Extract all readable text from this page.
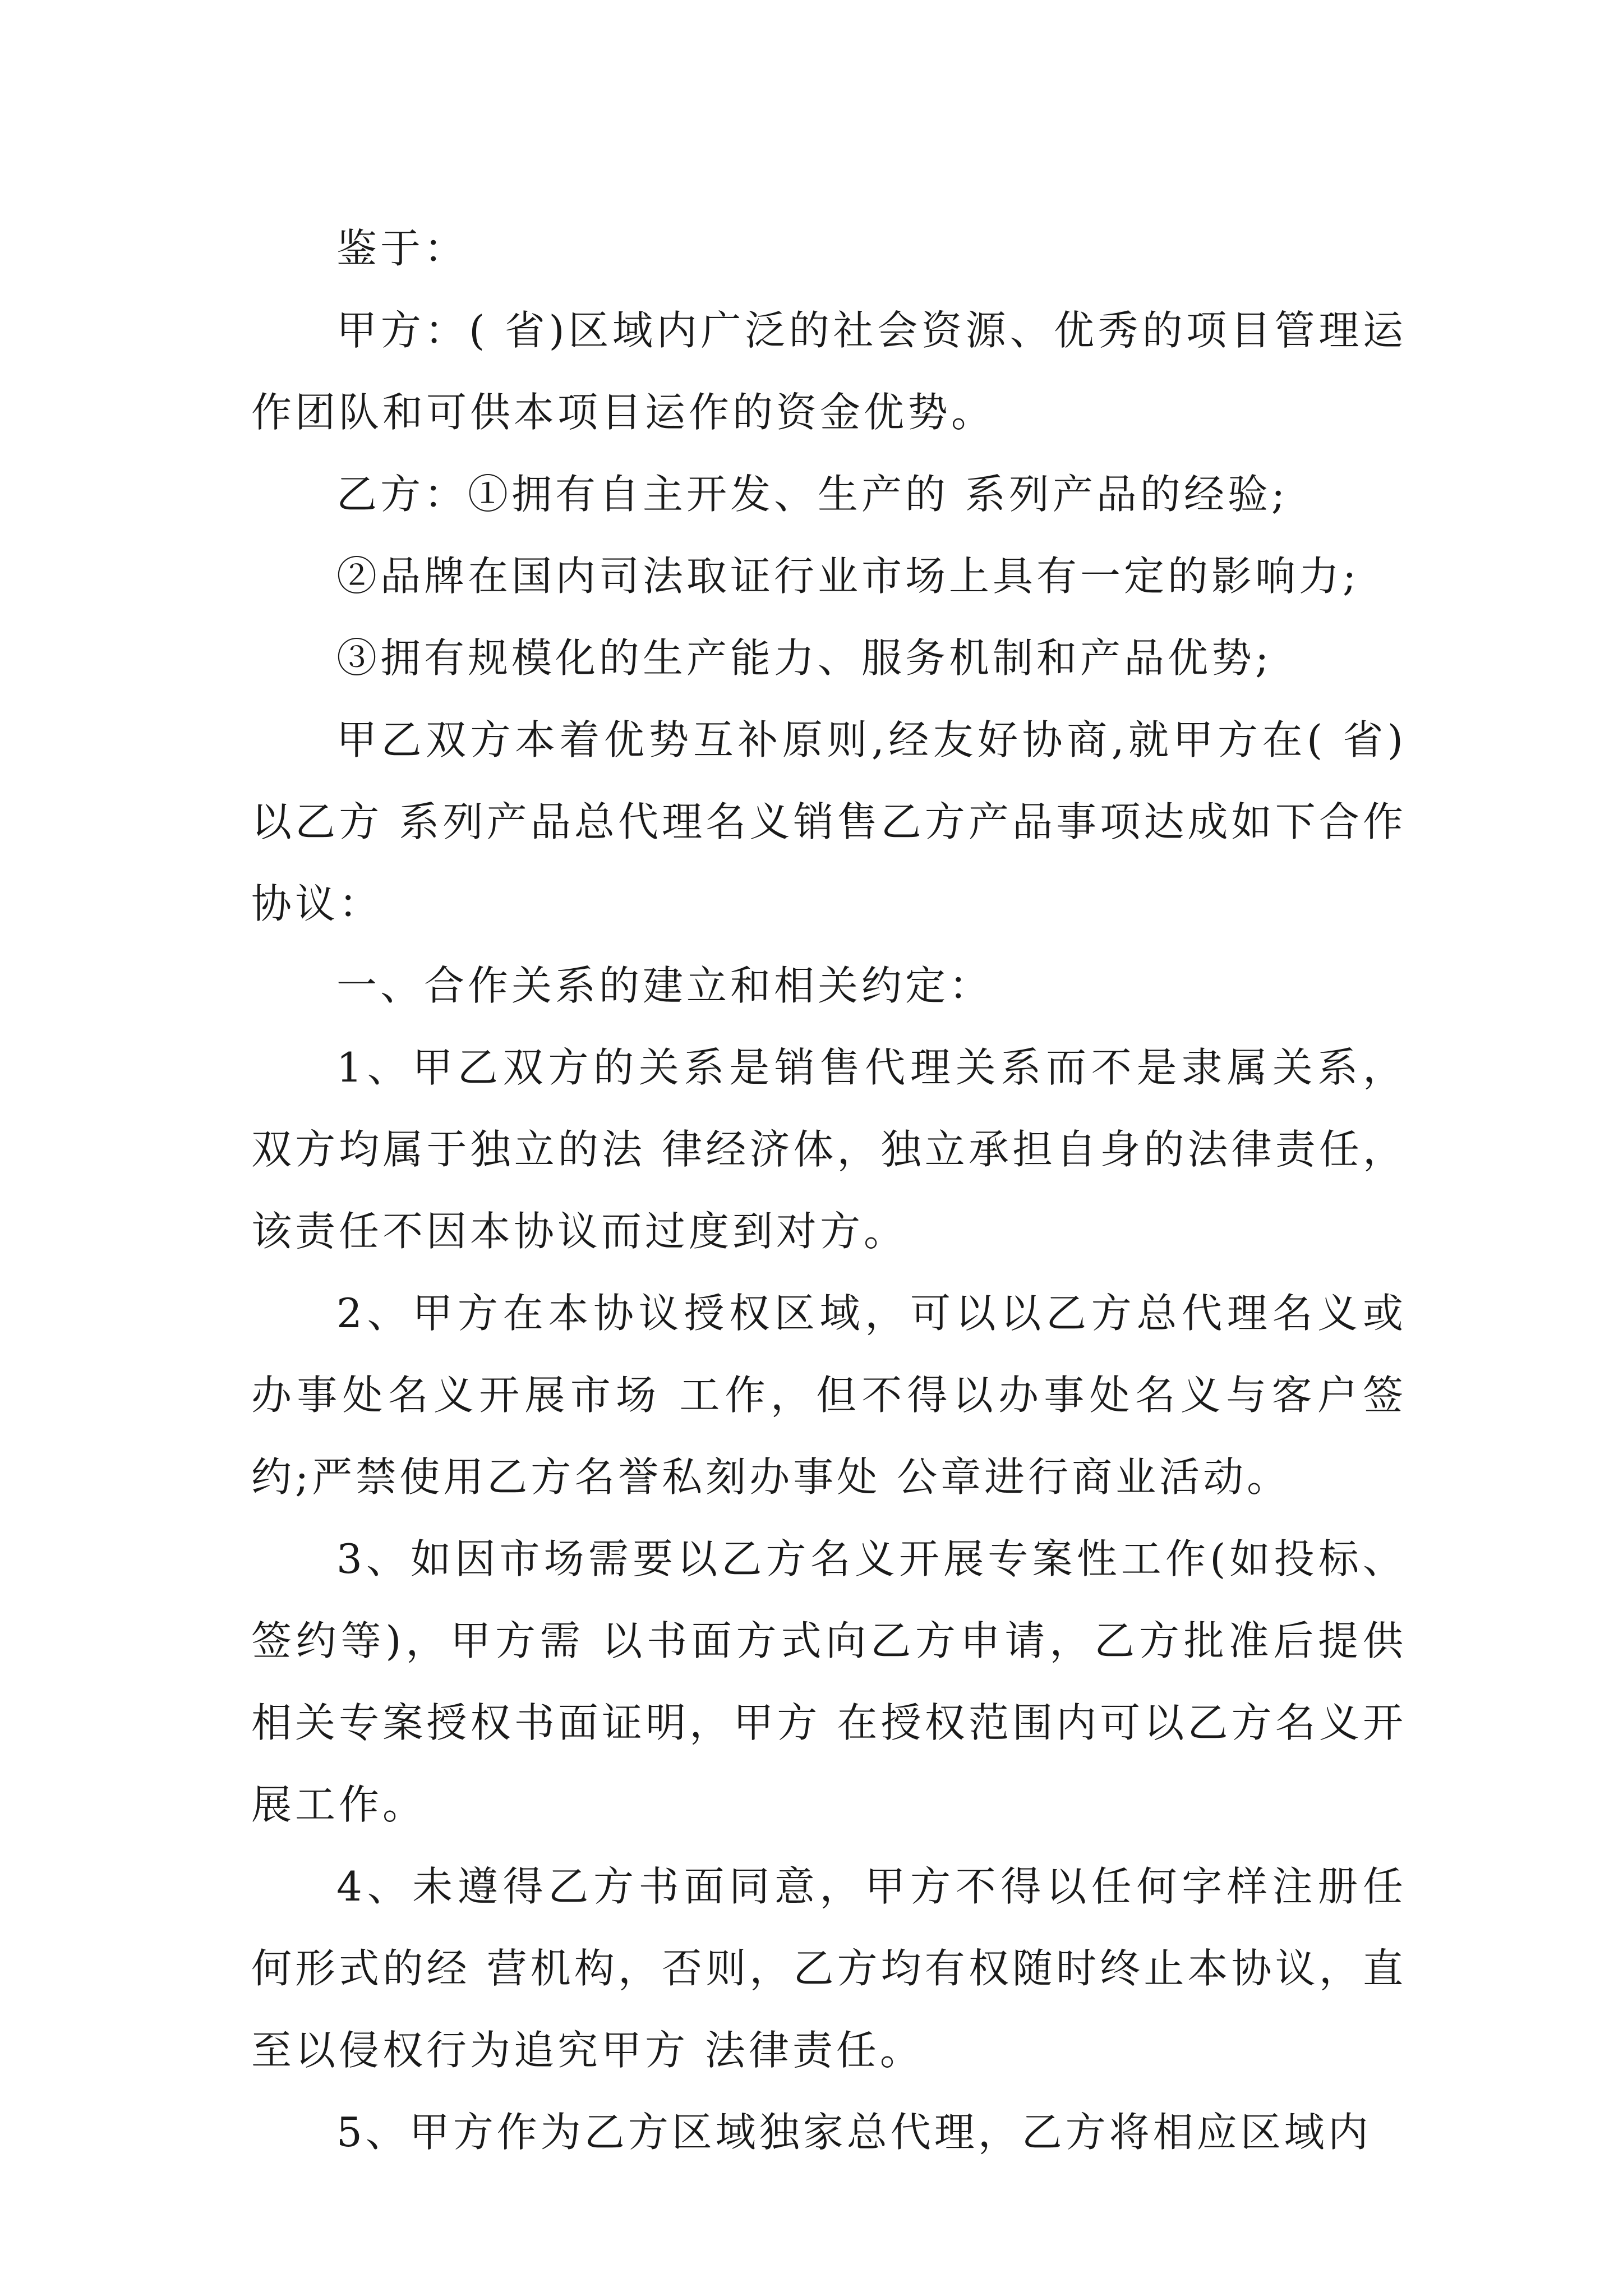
鉴于：

甲方：( 省)区域内广泛的社会资源、优秀的项目管理运作团队和可供本项目运作的资金优势。

乙方：①拥有自主开发、生产的 系列产品的经验;

②品牌在国内司法取证行业市场上具有一定的影响力;

③拥有规模化的生产能力、服务机制和产品优势;

甲乙双方本着优势互补原则,经友好协商,就甲方在( 省)以乙方 系列产品总代理名义销售乙方产品事项达成如下合作协议：

一、合作关系的建立和相关约定：

1、甲乙双方的关系是销售代理关系而不是隶属关系，双方均属于独立的法 律经济体，独立承担自身的法律责任，该责任不因本协议而过度到对方。

2、甲方在本协议授权区域，可以以乙方总代理名义或办事处名义开展市场 工作，但不得以办事处名义与客户签约;严禁使用乙方名誉私刻办事处 公章进行商业活动。

3、如因市场需要以乙方名义开展专案性工作(如投标、签约等)，甲方需 以书面方式向乙方申请，乙方批准后提供相关专案授权书面证明，甲方 在授权范围内可以乙方名义开展工作。

4、未遵得乙方书面同意，甲方不得以任何字样注册任何形式的经 营机构，否则，乙方均有权随时终止本协议，直至以侵权行为追究甲方 法律责任。

5、甲方作为乙方区域独家总代理，乙方将相应区域内
